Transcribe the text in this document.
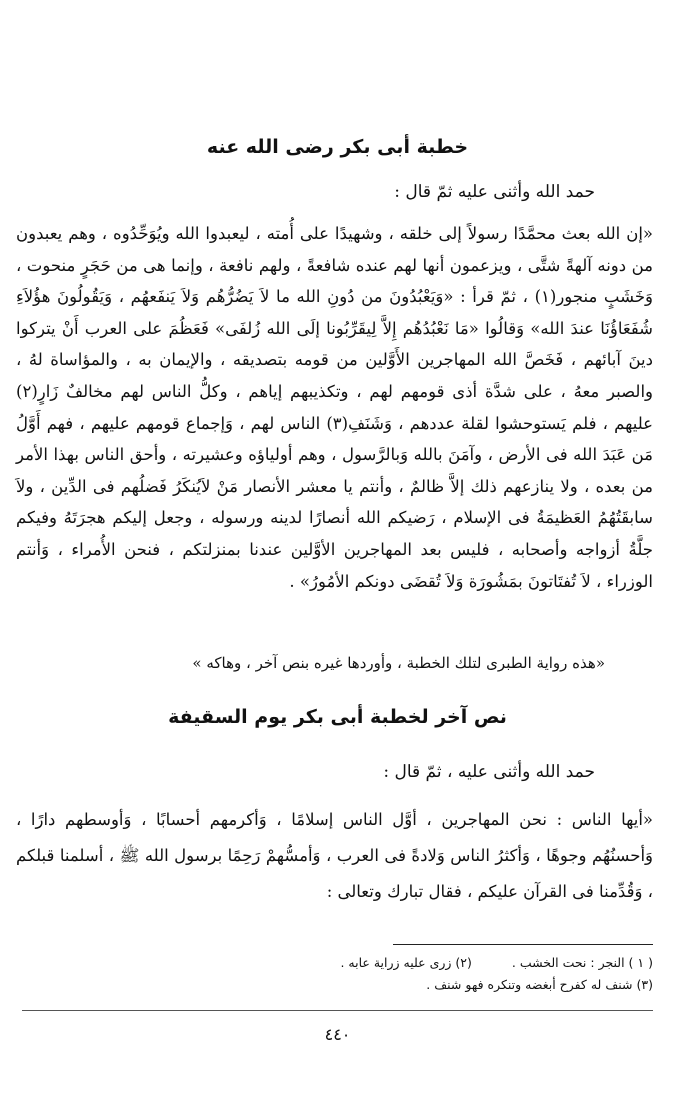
خطبة أبى بكر رضى الله عنه
حمد الله وأثنى عليه ثمّ قال :
«إن الله بعث محمَّدًا رسولاً إلى خلقه ، وشهيدًا على أُمته ، ليعبدوا الله ويُوَحِّدُوه ، وهم يعبدون من دونه آلهةً شتَّى ، ويزعمون أنها لهم عنده شافعةً ، ولهم نافعة ، وإنما هى من حَجَرٍ منحوت ، وَخَشَبٍ منجور(١) ، ثمّ قرأ : «وَيَعْبُدُونَ من دُونِ الله ما لاَ يَضُرُّهُم وَلاَ يَنفَعهُم ، وَيَقُولُونَ هؤُلاَءِ شُفَعَاؤُنَا عندَ الله» وَقالُوا «مَا نَعْبُدُهُم إِلاَّ لِيقَرِّبُونا إلَى الله زُلفَى» فَعَظُمَ على العرب أَنْ يتركوا دينَ آبائهم ، فَخَصَّ الله المهاجرين الأَوَّلين من قومه بتصديقه ، والإيمان به ، والمؤاساة لهُ ، والصبر معهُ ، على شدَّة أذى قومهم لهم ، وتكذيبهم إياهم ، وكلُّ الناس لهم مخالفٌ زَارٍ(٢) عليهم ، فلم يَستوحشوا لقلة عددهم ، وَشَنَفِ(٣) الناس لهم ، وَإجماع قومهم عليهم ، فهم أَوَّلُ مَن عَبَدَ الله فى الأرض ، وآمَنَ بالله وَبالرَّسول ، وهم أولياؤه وعشيرته ، وأحق الناس بهذا الأمر من بعده ، ولا ينازعهم ذلك إلاَّ ظالمٌ ، وأنتم يا معشر الأنصار مَنْ لاَيُنكَرُ فَضلُهم فى الدِّين ، ولاَ سابقَتُهُمُ العَظيمَةُ فى الإسلام ، رَضيكم الله أنصارًا لدينه ورسوله ، وجعل إليكم هجرَتَهُ وفيكم جلَّةُ أزواجه وأصحابه ، فليس بعد المهاجرين الأوَّلين عندنا بمنزلتكم ، فنحن الأُمراء ، وَأنتم الوزراء ، لاَ تُفتَاتونَ بمَشُورَة وَلاَ تُقضَى دونكم الأمُورُ» .
«هذه رواية الطبرى لتلك الخطبة ، وأوردها غيره بنص آخر ، وهاكه »
نص آخر لخطبة أبى بكر يوم السقيفة
حمد الله وأثنى عليه ، ثمّ قال :
«أيها الناس : نحن المهاجرين ، أوَّل الناس إسلامًا ، وَأكرمهم أحسابًا ، وَأوسطهم دارًا ، وَأحسنُهُم وجوهًا ، وَأكثرُ الناس وَلادةً فى العرب ، وَأمسُّهمْ رَحِمًا برسول الله ﷺ ، أسلمنا قبلكم ، وَقُدِّمنا فى القرآن عليكم ، فقال تبارك وتعالى :
( ١ ) النجر : نحت الخشب .(٢) زرى عليه زراية عابه .
(٣) شنف له كفرح أبغضه وتنكره فهو شنف .
٤٤٠
